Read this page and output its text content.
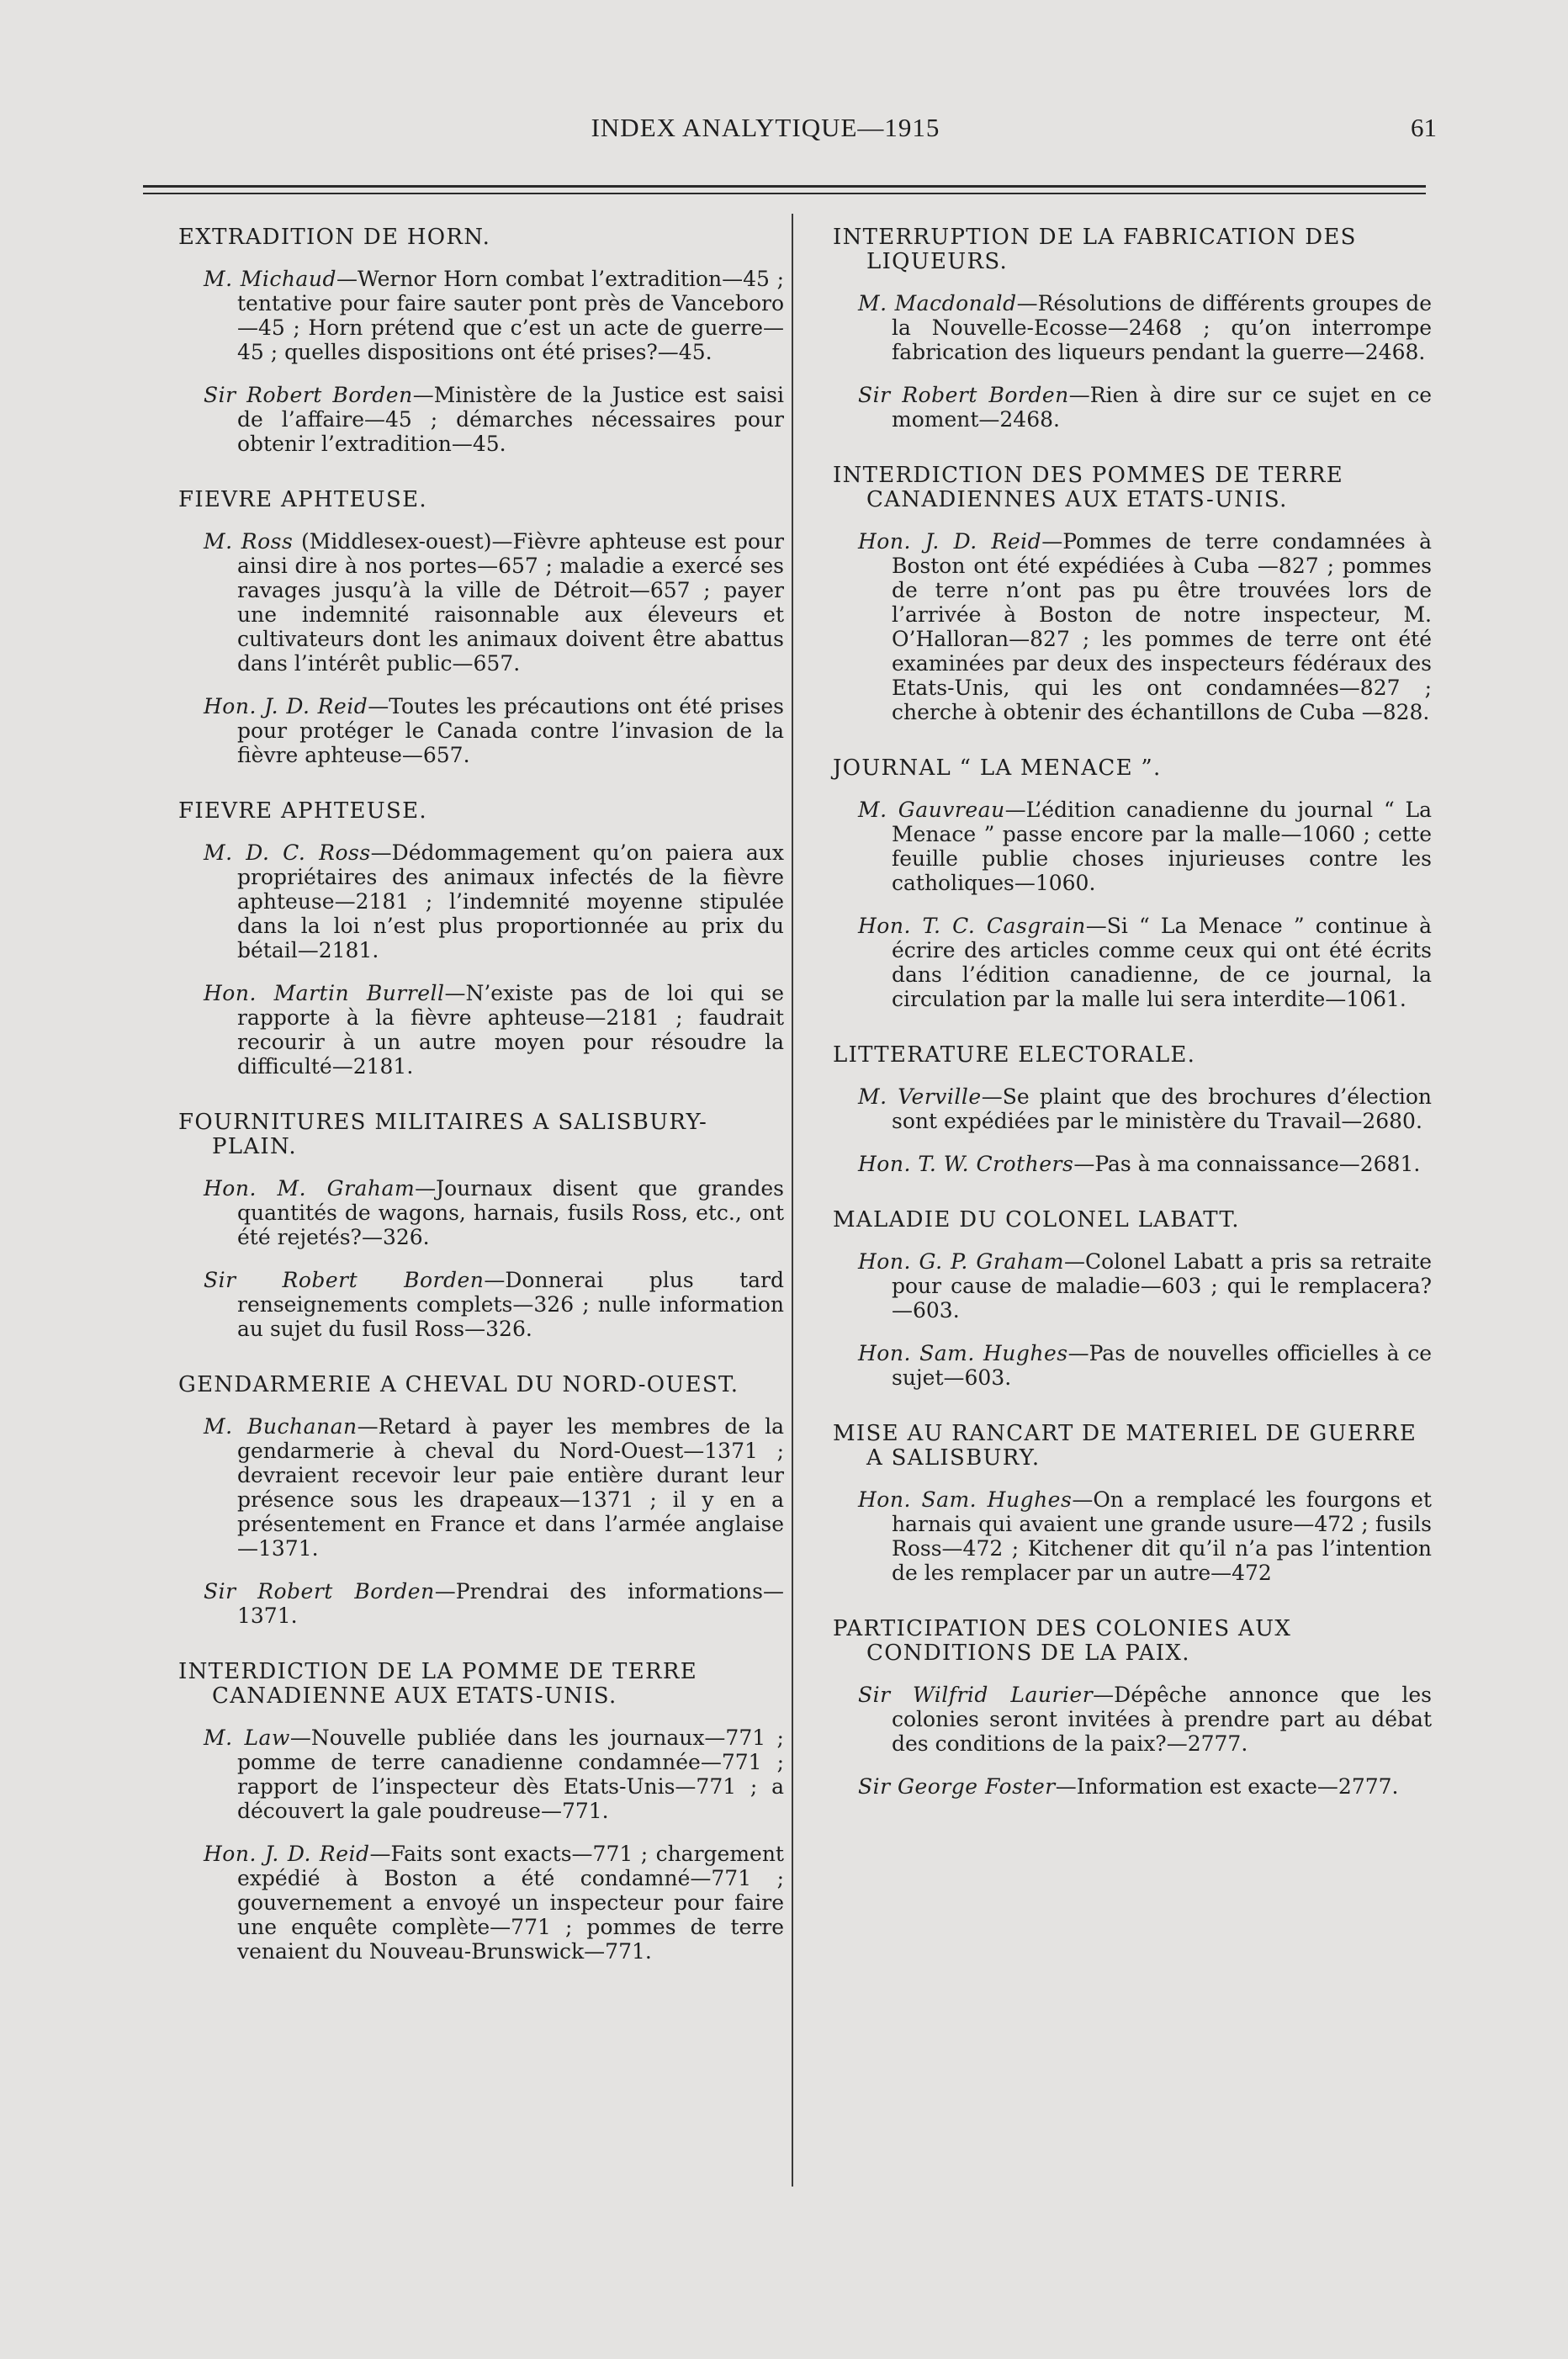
INDEX ANALYTIQUE—1915	61
EXTRADITION DE HORN.
M. Michaud—Wernor Horn combat l’extradition—45 ; tentative pour faire sauter pont près de Vanceboro—45 ; Horn prétend que c’est un acte de guerre—45 ; quelles dispositions ont été prises?—45.
Sir Robert Borden—Ministère de la Justice est saisi de l’affaire—45 ; démarches nécessaires pour obtenir l’extradition—45.
FIEVRE APHTEUSE.
M. Ross (Middlesex-ouest)—Fièvre aphteuse est pour ainsi dire à nos portes—657 ; maladie a exercé ses ravages jusqu’à la ville de Détroit—657 ; payer une indemnité raisonnable aux éleveurs et cultivateurs dont les animaux doivent être abattus dans l’intérêt public—657.
Hon. J. D. Reid—Toutes les précautions ont été prises pour protéger le Canada contre l’invasion de la fièvre aphteuse—657.
FIEVRE APHTEUSE.
M. D. C. Ross—Dédommagement qu’on paiera aux propriétaires des animaux infectés de la fièvre aphteuse—2181 ; l’indemnité moyenne stipulée dans la loi n’est plus proportionnée au prix du bétail—2181.
Hon. Martin Burrell—N’existe pas de loi qui se rapporte à la fièvre aphteuse—2181 ; faudrait recourir à un autre moyen pour résoudre la difficulté—2181.
FOURNITURES MILITAIRES A SALISBURY-PLAIN.
Hon. M. Graham—Journaux disent que grandes quantités de wagons, harnais, fusils Ross, etc., ont été rejetés?—326.
Sir Robert Borden—Donnerai plus tard renseignements complets—326 ; nulle information au sujet du fusil Ross—326.
GENDARMERIE A CHEVAL DU NORD-OUEST.
M. Buchanan—Retard à payer les membres de la gendarmerie à cheval du Nord-Ouest—1371 ; devraient recevoir leur paie entière durant leur présence sous les drapeaux—1371 ; il y en a présentement en France et dans l’armée anglaise—1371.
Sir Robert Borden—Prendrai des informations—1371.
INTERDICTION DE LA POMME DE TERRE CANADIENNE AUX ETATS-UNIS.
M. Law—Nouvelle publiée dans les journaux—771 ; pomme de terre canadienne condamnée—771 ; rapport de l’inspecteur dès Etats-Unis—771 ; a découvert la gale poudreuse—771.
Hon. J. D. Reid—Faits sont exacts—771 ; chargement expédié à Boston a été condamné—771 ; gouvernement a envoyé un inspecteur pour faire une enquête complète—771 ; pommes de terre venaient du Nouveau-Brunswick—771.
INTERRUPTION DE LA FABRICATION DES LIQUEURS.
M. Macdonald—Résolutions de différents groupes de la Nouvelle-Ecosse—2468 ; qu’on interrompe fabrication des liqueurs pendant la guerre—2468.
Sir Robert Borden—Rien à dire sur ce sujet en ce moment—2468.
INTERDICTION DES POMMES DE TERRE CANADIENNES AUX ETATS-UNIS.
Hon. J. D. Reid—Pommes de terre condamnées à Boston ont été expédiées à Cuba —827 ; pommes de terre n’ont pas pu être trouvées lors de l’arrivée à Boston de notre inspecteur, M. O’Halloran—827 ; les pommes de terre ont été examinées par deux des inspecteurs fédéraux des Etats-Unis, qui les ont condamnées—827 ; cherche à obtenir des échantillons de Cuba —828.
JOURNAL “ LA MENACE ”.
M. Gauvreau—L’édition canadienne du journal “ La Menace ” passe encore par la malle—1060 ; cette feuille publie choses injurieuses contre les catholiques—1060.
Hon. T. C. Casgrain—Si “ La Menace ” continue à écrire des articles comme ceux qui ont été écrits dans l’édition canadienne, de ce journal, la circulation par la malle lui sera interdite—1061.
LITTERATURE ELECTORALE.
M. Verville—Se plaint que des brochures d’élection sont expédiées par le ministère du Travail—2680.
Hon. T. W. Crothers—Pas à ma connaissance—2681.
MALADIE DU COLONEL LABATT.
Hon. G. P. Graham—Colonel Labatt a pris sa retraite pour cause de maladie—603 ; qui le remplacera?—603.
Hon. Sam. Hughes—Pas de nouvelles officielles à ce sujet—603.
MISE AU RANCART DE MATERIEL DE GUERRE A SALISBURY.
Hon. Sam. Hughes—On a remplacé les fourgons et harnais qui avaient une grande usure—472 ; fusils Ross—472 ; Kitchener dit qu’il n’a pas l’intention de les remplacer par un autre—472
PARTICIPATION DES COLONIES AUX CONDITIONS DE LA PAIX.
Sir Wilfrid Laurier—Dépêche annonce que les colonies seront invitées à prendre part au débat des conditions de la paix?—2777.
Sir George Foster—Information est exacte—2777.
